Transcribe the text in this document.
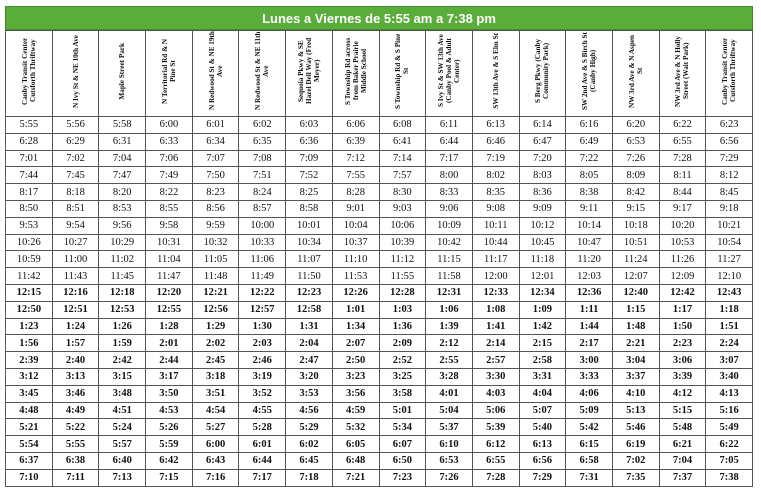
Lunes a Viernes de 5:55 am a 7:38 pm
Canby Transit Center Cutsforth Thriftway	N Ivy St & NE 10th Ave	Maple Street Park	N Territorial Rd & N Pine St	N Redwood St & NE 19th Ave	N Redwood St & NE 11th Ave	Sequoia Pkwy & SE Hazel Dell Way (Fred Meyer)	S Township Rd across from Baker Prairie Middle School	S Township Rd & S Pine St	S Ivy St & SW 13th Ave (Canby Pool & Adult Center)	SW 13th Ave & S Elm St	S Berg Pkwy (Canby Community Park)	SW 2nd Ave & S Birch St (Canby High)	NW 3rd Ave & N Aspen St	NW 3rd Ave & N Holly Street (Wait Park)	Canby Transit Center Cutsforth Thriftway
5:55	5:56	5:58	6:00	6:01	6:02	6:03	6:06	6:08	6:11	6:13	6:14	6:16	6:20	6:22	6:23
6:28	6:29	6:31	6:33	6:34	6:35	6:36	6:39	6:41	6:44	6:46	6:47	6:49	6:53	6:55	6:56
7:01	7:02	7:04	7:06	7:07	7:08	7:09	7:12	7:14	7:17	7:19	7:20	7:22	7:26	7:28	7:29
7:44	7:45	7:47	7:49	7:50	7:51	7:52	7:55	7:57	8:00	8:02	8:03	8:05	8:09	8:11	8:12
8:17	8:18	8:20	8:22	8:23	8:24	8:25	8:28	8:30	8:33	8:35	8:36	8:38	8:42	8:44	8:45
8:50	8:51	8:53	8:55	8:56	8:57	8:58	9:01	9:03	9:06	9:08	9:09	9:11	9:15	9:17	9:18
9:53	9:54	9:56	9:58	9:59	10:00	10:01	10:04	10:06	10:09	10:11	10:12	10:14	10:18	10:20	10:21
10:26	10:27	10:29	10:31	10:32	10:33	10:34	10:37	10:39	10:42	10:44	10:45	10:47	10:51	10:53	10:54
10:59	11:00	11:02	11:04	11:05	11:06	11:07	11:10	11:12	11:15	11:17	11:18	11:20	11:24	11:26	11:27
11:42	11:43	11:45	11:47	11:48	11:49	11:50	11:53	11:55	11:58	12:00	12:01	12:03	12:07	12:09	12:10
12:15	12:16	12:18	12:20	12:21	12:22	12:23	12:26	12:28	12:31	12:33	12:34	12:36	12:40	12:42	12:43
12:50	12:51	12:53	12:55	12:56	12:57	12:58	1:01	1:03	1:06	1:08	1:09	1:11	1:15	1:17	1:18
1:23	1:24	1:26	1:28	1:29	1:30	1:31	1:34	1:36	1:39	1:41	1:42	1:44	1:48	1:50	1:51
1:56	1:57	1:59	2:01	2:02	2:03	2:04	2:07	2:09	2:12	2:14	2:15	2:17	2:21	2:23	2:24
2:39	2:40	2:42	2:44	2:45	2:46	2:47	2:50	2:52	2:55	2:57	2:58	3:00	3:04	3:06	3:07
3:12	3:13	3:15	3:17	3:18	3:19	3:20	3:23	3:25	3:28	3:30	3:31	3:33	3:37	3:39	3:40
3:45	3:46	3:48	3:50	3:51	3:52	3:53	3:56	3:58	4:01	4:03	4:04	4:06	4:10	4:12	4:13
4:48	4:49	4:51	4:53	4:54	4:55	4:56	4:59	5:01	5:04	5:06	5:07	5:09	5:13	5:15	5:16
5:21	5:22	5:24	5:26	5:27	5:28	5:29	5:32	5:34	5:37	5:39	5:40	5:42	5:46	5:48	5:49
5:54	5:55	5:57	5:59	6:00	6:01	6:02	6:05	6:07	6:10	6:12	6:13	6:15	6:19	6:21	6:22
6:37	6:38	6:40	6:42	6:43	6:44	6:45	6:48	6:50	6:53	6:55	6:56	6:58	7:02	7:04	7:05
7:10	7:11	7:13	7:15	7:16	7:17	7:18	7:21	7:23	7:26	7:28	7:29	7:31	7:35	7:37	7:38
